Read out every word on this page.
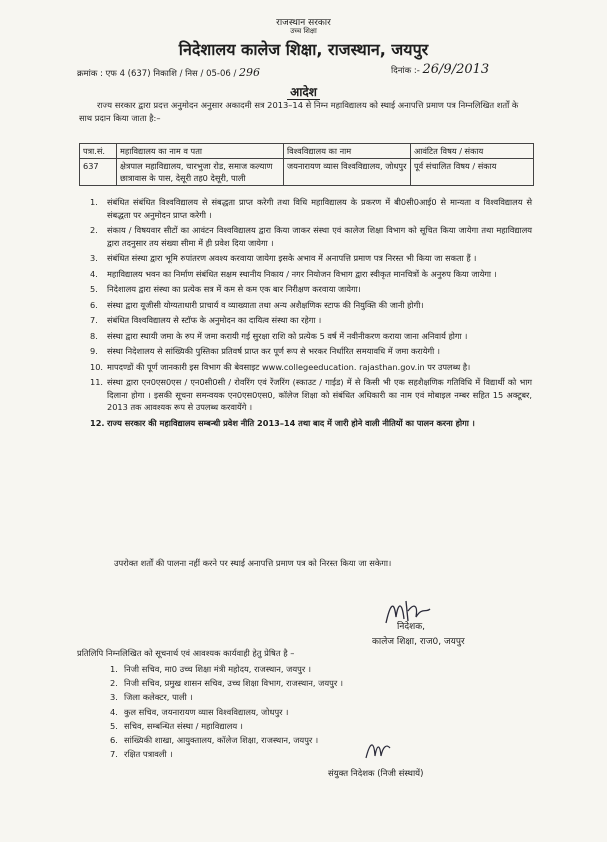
राजस्थान सरकार
उच्च शिक्षा
निदेशालय कालेज शिक्षा, राजस्थान, जयपुर
क्रमांक : एफ 4 (637) निकाशि / निस / 05-06 / 296	दिनांक :- 26/9/2013
आदेश
राज्य सरकार द्वारा प्रदत्त अनुमोदन अनुसार अकादमी सत्र 2013–14 से निम्न महाविद्यालय को स्थाई अनापत्ति प्रमाण पत्र निम्नलिखित शर्तों के साथ प्रदान किया जाता है:–
पत्रा.सं.	महाविद्यालय का नाम व पता	विश्वविद्यालय का नाम	आवंटित विषय / संकाय
637	क्षेत्रपाल महाविद्यालय, चारभुजा रोड, समाज कल्याण छात्रावास के पास, देसूरी तह0 देसूरी, पाली	जयनारायण व्यास विश्वविद्यालय, जोधपुर	पूर्व संचालित विषय / संकाय
1.	संबंधित संबंधित विश्वविद्यालय से संबद्धता प्राप्त करेगी तथा विधि महाविद्यालय के प्रकरण में बी0सी0आई0 से मान्यता व विश्वविद्यालय से संबद्धता पर अनुमोदन प्राप्त करेगी ।
2.	संकाय / विषयवार सीटों का आवंटन विश्वविद्यालय द्वारा किया जाकर संस्था एवं कालेज शिक्षा विभाग को सूचित किया जायेगा तथा महाविद्यालय द्वारा तदनुसार तय संख्या सीमा में ही प्रवेश दिया जायेगा ।
3.	संबंधित संस्था द्वारा भूमि रुपांतरण अवश्य करवाया जायेगा इसके अभाव में अनापत्ति प्रमाण पत्र निरस्त भी किया जा सकता हैं ।
4.	महाविद्यालय भवन का निर्माण संबंधित सक्षम स्थानीय निकाय / नगर नियोजन विभाग द्वारा स्वीकृत मानचित्रों के अनुरुप किया जायेगा ।
5.	निदेशालय द्वारा संस्था का प्रत्येक सत्र में कम से कम एक बार निरीक्षण करवाया जायेगा।
6.	संस्था द्वारा यूजीसी योग्यताधारी प्राचार्य व व्याख्याता तथा अन्य अशैक्षणिक स्टाफ की नियुक्ति की जानी होगी।
7.	संबंधित विश्वविद्यालय से स्टॉफ के अनुमोदन का दायित्व संस्था का रहेगा ।
8.	संस्था द्वारा स्थायी जमा के रुप में जमा करायी गई सुरक्षा राशि को प्रत्येक 5 वर्ष में नवीनीकरण कराया जाना अनिवार्य होगा ।
9.	संस्था निदेशालय से सांख्यिकी पुस्तिका प्रतिवर्ष प्राप्त कर पूर्ण रूप से भरकर निर्धारित समयावधि में जमा करायेगी ।
10. मापदण्डों की पूर्ण जानकारी इस विभाग की बेवसाइट www.collegeeducation. rajasthan.gov.in पर उपलब्ध है।
11. संस्था द्वारा एन0एस0एस / एन0सी0सी / रोवरिंग एवं रेंजरिंग (स्काउट / गाईड) में से किसी भी एक सहशैक्षणिक गतिविधि में विद्यार्थी को भाग दिलाना होगा । इसकी सूचना समन्वयक एन0एस0एस0, कॉलेज शिक्षा को संबंधित अधिकारी का नाम एवं मोबाइल नम्बर सहित 15 अक्टूबर, 2013 तक आवश्यक रूप से उपलब्ध करवायेंगे ।
12. राज्य सरकार की महाविद्यालय सम्बन्धी प्रवेश नीति 2013–14 तथा बाद में जारी होने वाली नीतियों का पालन करना होगा ।
उपरोक्त शर्तों की पालना नहीं करने पर स्थाई अनापत्ति प्रमाण पत्र को निरस्त किया जा सकेगा।
निदेशक,
कालेज शिक्षा, राज0, जयपुर
प्रतिलिपि निम्नलिखित को सूचनार्थ एवं आवश्यक कार्यवाही हेतु प्रेषित है –
1. निजी सचिव, मा0 उच्च शिक्षा मंत्री महोदय, राजस्थान, जयपुर ।
2. निजी सचिव, प्रमुख शासन सचिव, उच्च शिक्षा विभाग, राजस्थान, जयपुर ।
3. जिला कलेक्टर, पाली ।
4. कुल सचिव, जयनारायण व्यास विश्वविद्यालय, जोधपुर ।
5. सचिव, सम्बन्धित संस्था / महाविद्यालय ।
6. सांख्यिकी शाखा, आयुक्तालय, कॉलेज शिक्षा, राजस्थान, जयपुर ।
7. रक्षित पत्रावली ।
संयुक्त निदेशक (निजी संस्थायें)
